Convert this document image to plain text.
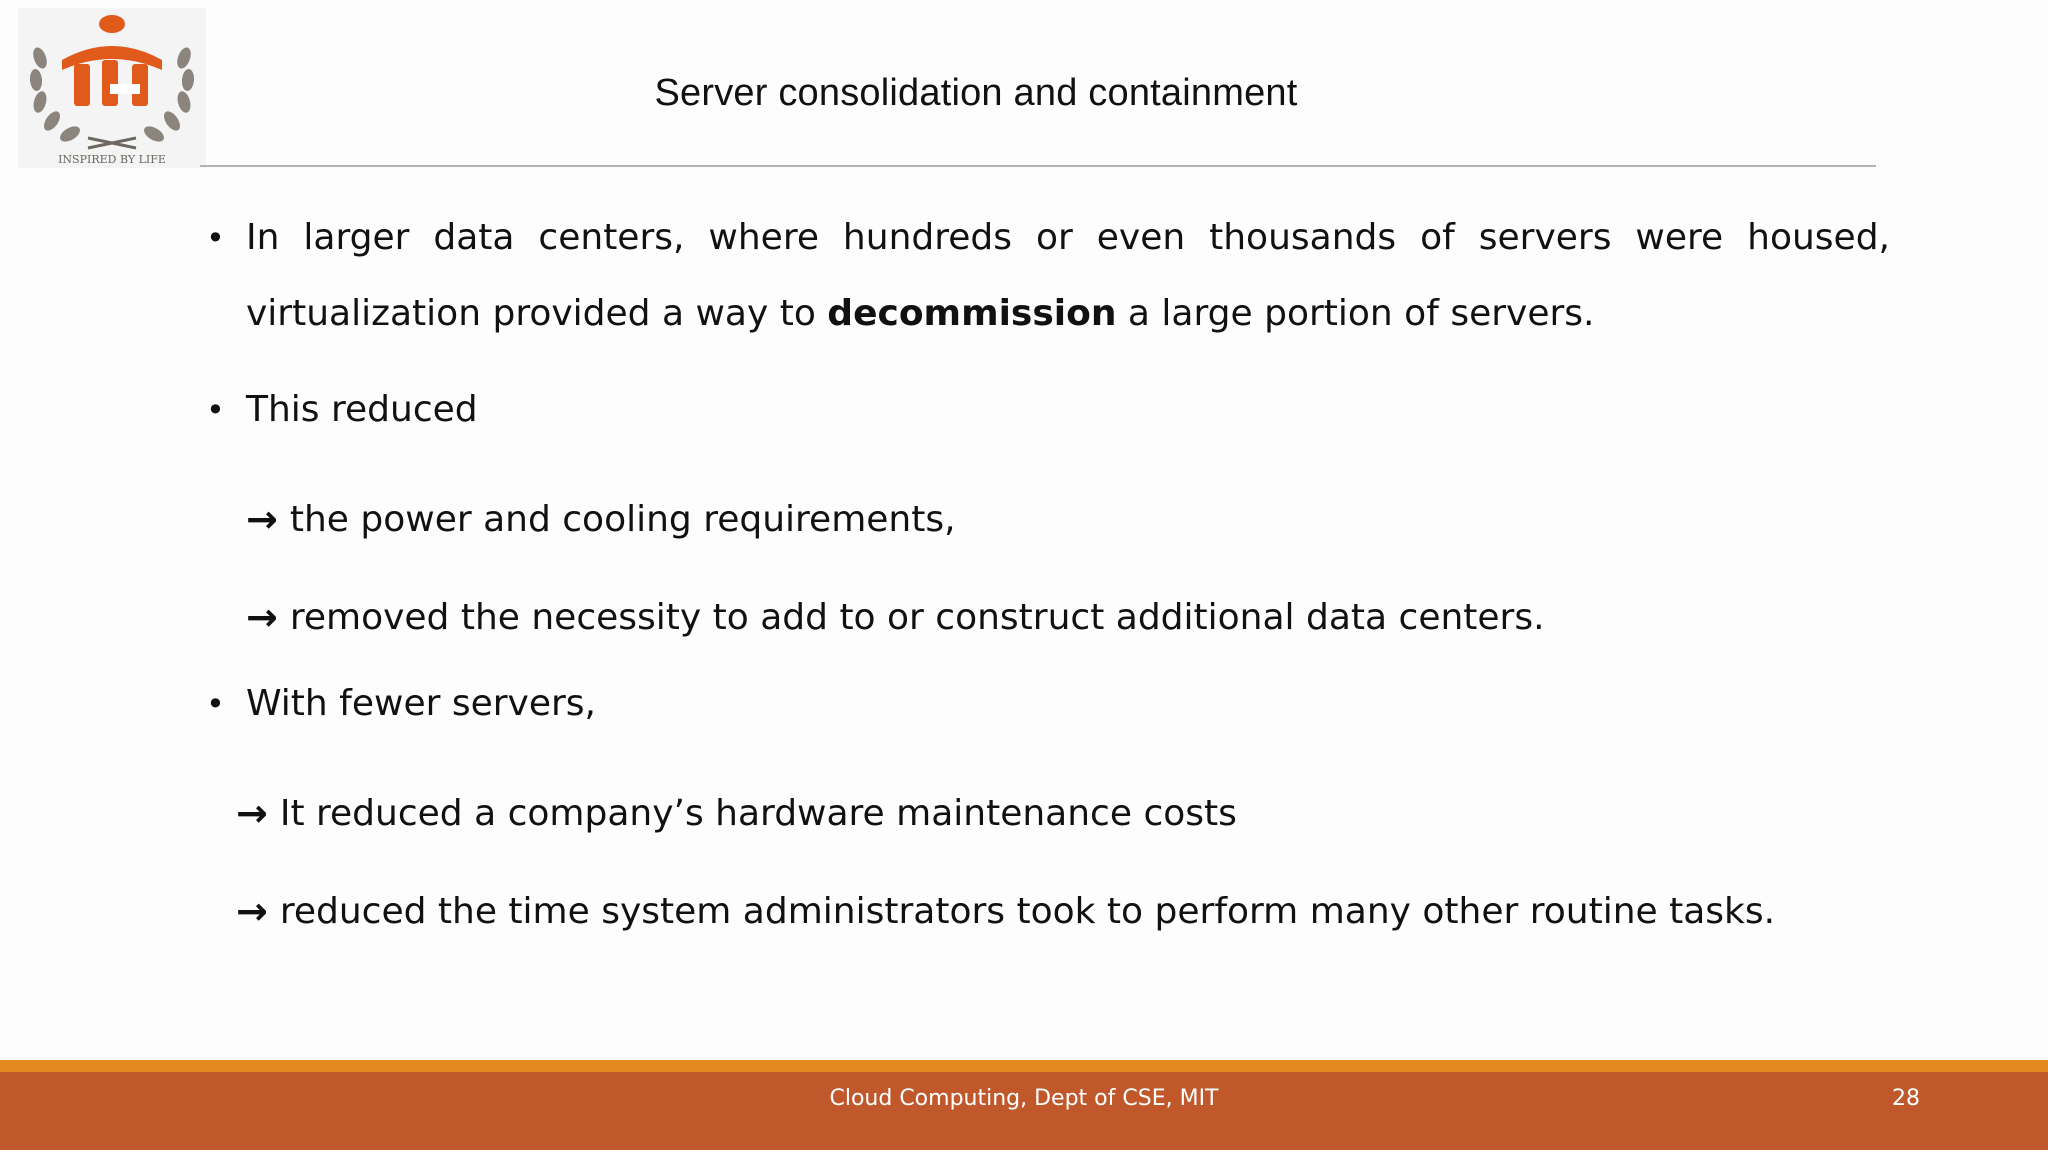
INSPIRED BY LIFE
Server consolidation and containment
• In larger data centers, where hundreds or even thousands of servers were housed, virtualization provided a way to decommission a large portion of servers.
• This reduced
→ the power and cooling requirements,
→ removed the necessity to add to or construct additional data centers.
• With fewer servers,
→ It reduced a company’s hardware maintenance costs
→ reduced the time system administrators took to perform many other routine tasks.
Cloud Computing, Dept of CSE, MIT	28
